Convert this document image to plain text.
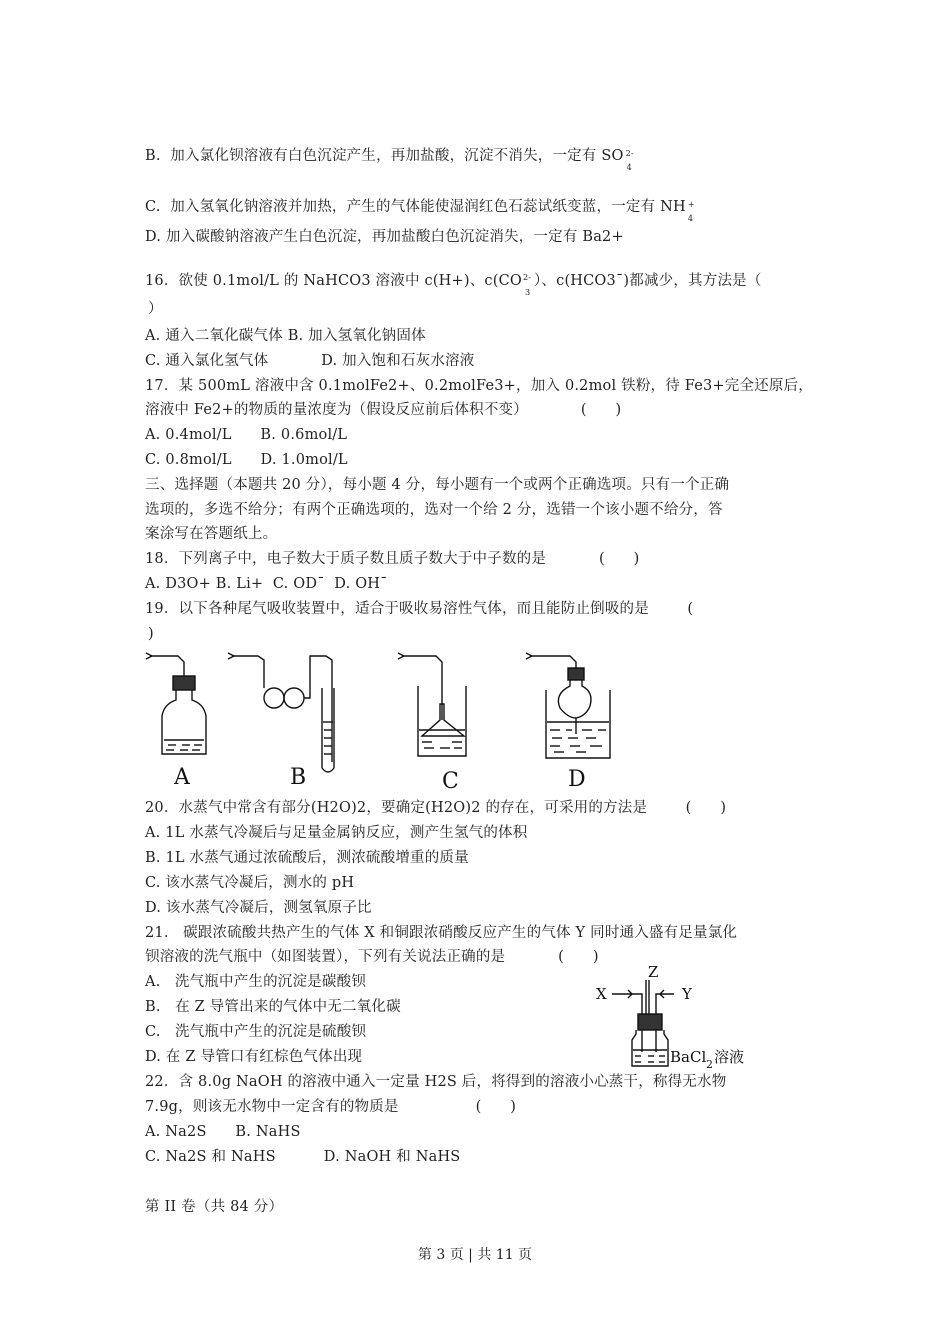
B.  加入氯化钡溶液有白色沉淀产生，再加盐酸，沉淀不消失，一定有 SO 2-
4
C.  加入氢氧化钠溶液并加热，产生的气体能使湿润红色石蕊试纸变蓝，一定有 NH +
4
D. 加入碳酸钠溶液产生白色沉淀，再加盐酸白色沉淀消失，一定有 Ba2+
16．欲使 0.1mol/L 的 NaHCO3 溶液中 c(H+)、c(CO 2-
3
）、c(HCO3¯)都减少，其方法是（
）
A. 通入二氧化碳气体 B. 加入氢氧化钠固体
C. 通入氯化氢气体           D. 加入饱和石灰水溶液
17．某 500mL 溶液中含 0.1molFe2+、0.2molFe3+，加入 0.2mol 铁粉，待 Fe3+完全还原后，
溶液中 Fe2+的物质的量浓度为（假设反应前后体积不变）           (      )
A. 0.4mol/L      B. 0.6mol/L
C. 0.8mol/L      D. 1.0mol/L
三、选择题（本题共 20 分），每小题 4 分，每小题有一个或两个正确选项。只有一个正确
选项的，多选不给分；有两个正确选项的，选对一个给 2 分，选错一个该小题不给分，答
案涂写在答题纸上。
18．下列离子中，电子数大于质子数且质子数大于中子数的是           (      )
A. D3O+ B. Li+  C. OD¯  D. OH¯
19．以下各种尾气吸收装置中，适合于吸收易溶性气体，而且能防止倒吸的是        (
)
A	B	C	D
20．水蒸气中常含有部分(H2O)2，要确定(H2O)2 的存在，可采用的方法是        (      )
A. 1L 水蒸气冷凝后与足量金属钠反应，测产生氢气的体积
B. 1L 水蒸气通过浓硫酸后，测浓硫酸增重的质量
C. 该水蒸气冷凝后，测水的 pH
D. 该水蒸气冷凝后，测氢氧原子比
21.   碳跟浓硫酸共热产生的气体 X 和铜跟浓硝酸反应产生的气体 Y 同时通入盛有足量氯化
钡溶液的洗气瓶中（如图装置），下列有关说法正确的是           (      )
A.   洗气瓶中产生的沉淀是碳酸钡
B.   在 Z 导管出来的气体中无二氧化碳
C.   洗气瓶中产生的沉淀是硫酸钡
D. 在 Z 导管口有红棕色气体出现
X	Y
Z
BaCl 2 溶液
22．含 8.0g NaOH 的溶液中通入一定量 H2S 后，将得到的溶液小心蒸干，称得无水物
7.9g，则该无水物中一定含有的物质是                (      )
A. Na2S      B. NaHS
C. Na2S 和 NaHS          D. NaOH 和 NaHS
第 II 卷（共 84 分）
第 3 页 | 共 11 页
